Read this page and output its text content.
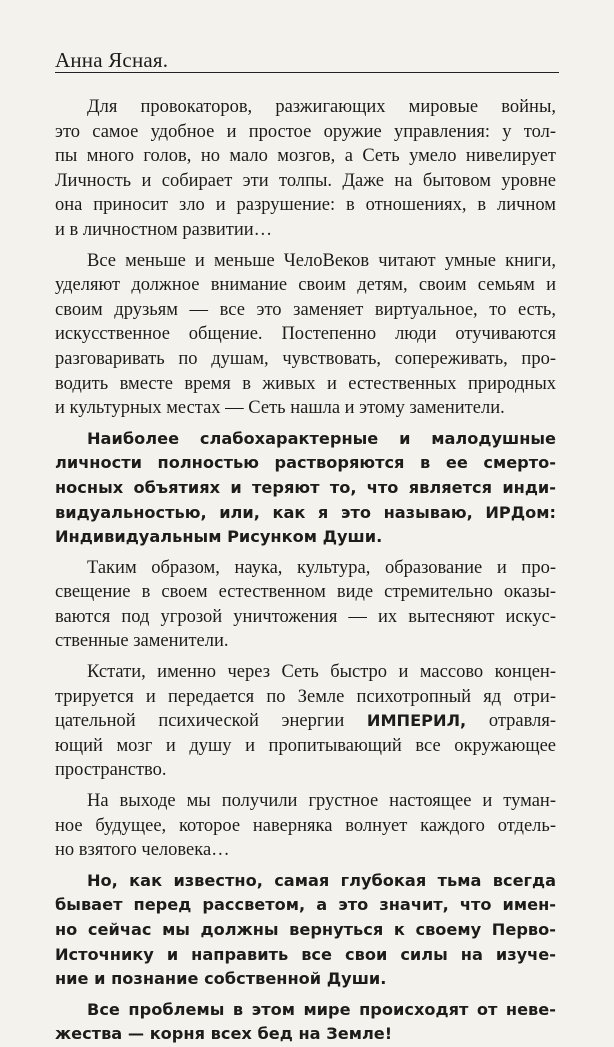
Анна Ясная.
Для провокаторов, разжигающих мировые войны,
это самое удобное и простое оружие управления: у тол-
пы много голов, но мало мозгов, а Сеть умело нивелирует
Личность и собирает эти толпы. Даже на бытовом уровне
она приносит зло и разрушение: в отношениях, в личном
и в личностном развитии…
Все меньше и меньше ЧелоВеков читают умные книги,
уделяют должное внимание своим детям, своим семьям и
своим друзьям — все это заменяет виртуальное, то есть,
искусственное общение. Постепенно люди отучиваются
разговаривать по душам, чувствовать, сопереживать, про-
водить вместе время в живых и естественных природных
и культурных местах — Сеть нашла и этому заменители.
Наиболее слабохарактерные и малодушные
личности полностью растворяются в ее смерто-
носных объятиях и теряют то, что является инди-
видуальностью, или, как я это называю, ИРДом:
Индивидуальным Рисунком Души.
Таким образом, наука, культура, образование и про-
свещение в своем естественном виде стремительно оказы-
ваются под угрозой уничтожения — их вытесняют искус-
ственные заменители.
Кстати, именно через Сеть быстро и массово концен-
трируется и передается по Земле психотропный яд отри-
цательной психической энергии ИМПЕРИЛ, отравля-
ющий мозг и душу и пропитывающий все окружающее
пространство.
На выходе мы получили грустное настоящее и туман-
ное будущее, которое наверняка волнует каждого отдель-
но взятого человека…
Но, как известно, самая глубокая тьма всегда
бывает перед рассветом, а это значит, что имен-
но сейчас мы должны вернуться к своему Перво-
Источнику и направить все свои силы на изуче-
ние и познание собственной Души.
Все проблемы в этом мире происходят от неве-
жества — корня всех бед на Земле!
